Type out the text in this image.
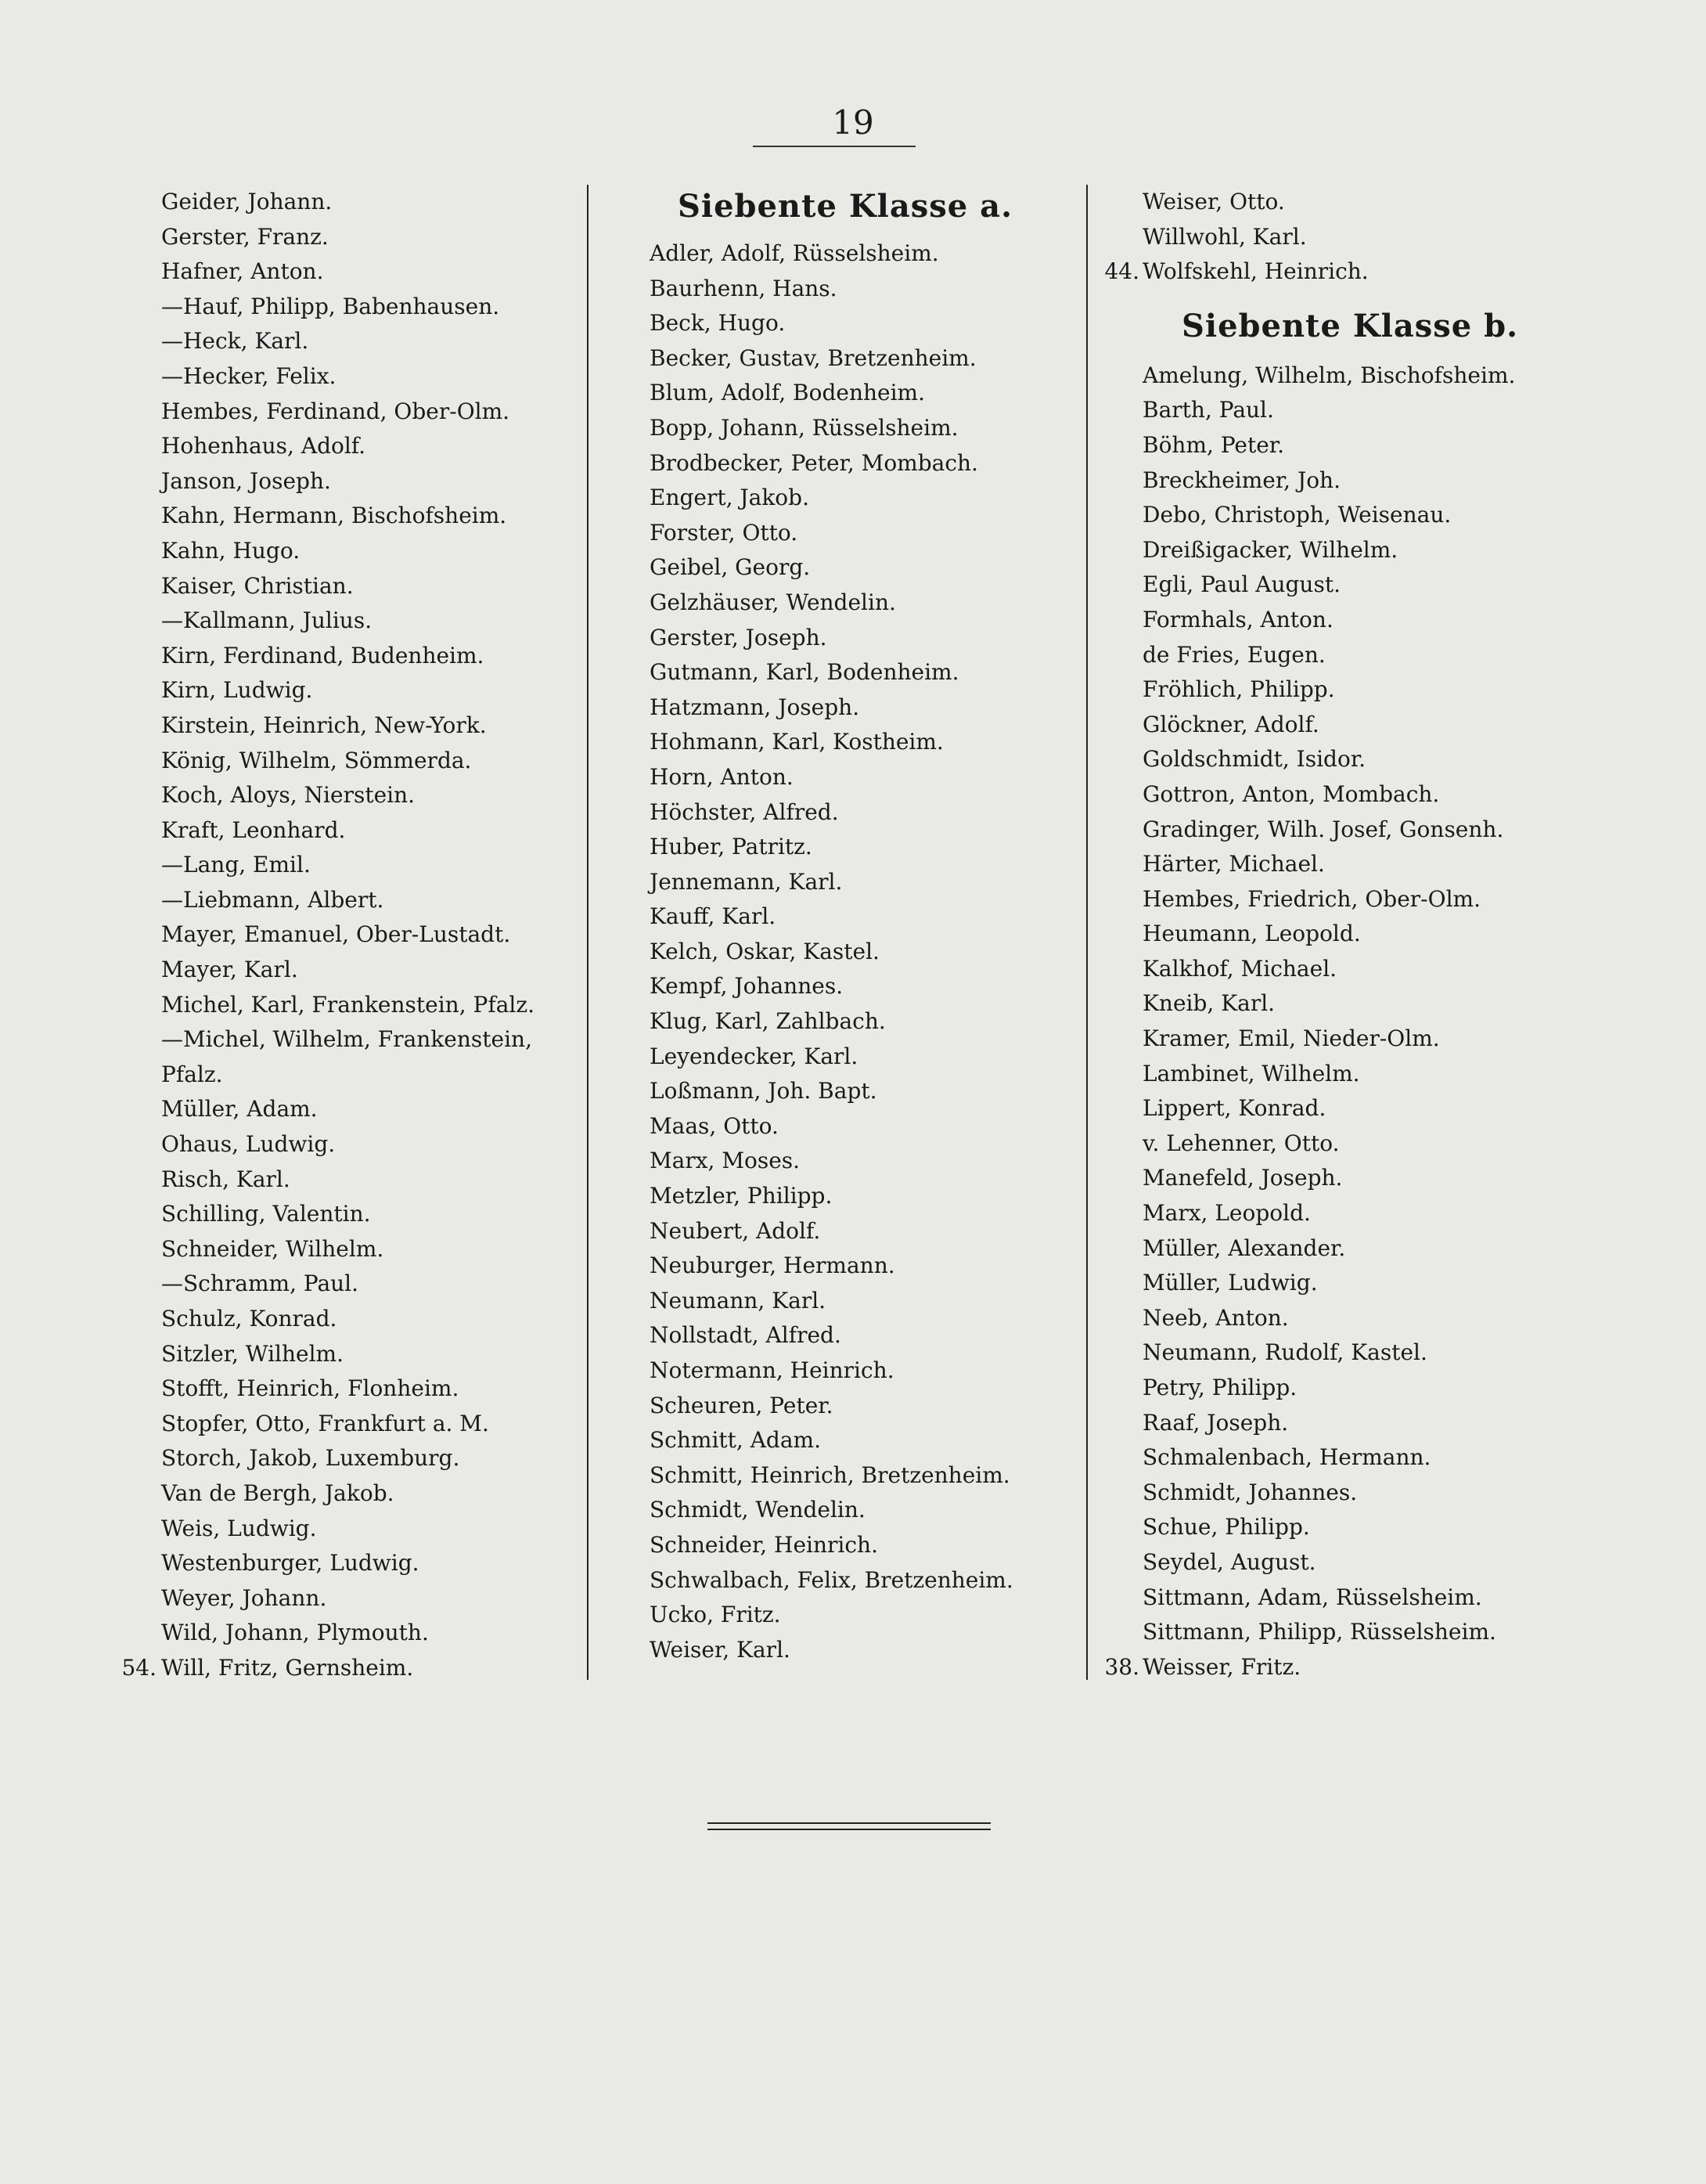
19
Geider, Johann.
Gerster, Franz.
Hafner, Anton.
—Hauf, Philipp, Babenhausen.
—Heck, Karl.
—Hecker, Felix.
Hembes, Ferdinand, Ober-Olm.
Hohenhaus, Adolf.
Janson, Joseph.
Kahn, Hermann, Bischofsheim.
Kahn, Hugo.
Kaiser, Christian.
—Kallmann, Julius.
Kirn, Ferdinand, Budenheim.
Kirn, Ludwig.
Kirstein, Heinrich, New-York.
König, Wilhelm, Sömmerda.
Koch, Aloys, Nierstein.
Kraft, Leonhard.
—Lang, Emil.
—Liebmann, Albert.
Mayer, Emanuel, Ober-Lustadt.
Mayer, Karl.
Michel, Karl, Frankenstein, Pfalz.
—Michel, Wilhelm, Frankenstein,
Pfalz.
Müller, Adam.
Ohaus, Ludwig.
Risch, Karl.
Schilling, Valentin.
Schneider, Wilhelm.
—Schramm, Paul.
Schulz, Konrad.
Sitzler, Wilhelm.
Stofft, Heinrich, Flonheim.
Stopfer, Otto, Frankfurt a. M.
Storch, Jakob, Luxemburg.
Van de Bergh, Jakob.
Weis, Ludwig.
Westenburger, Ludwig.
Weyer, Johann.
Wild, Johann, Plymouth.
54. Will, Fritz, Gernsheim.
Siebente Klasse a.
Adler, Adolf, Rüsselsheim.
Baurhenn, Hans.
Beck, Hugo.
Becker, Gustav, Bretzenheim.
Blum, Adolf, Bodenheim.
Bopp, Johann, Rüsselsheim.
Brodbecker, Peter, Mombach.
Engert, Jakob.
Forster, Otto.
Geibel, Georg.
Gelzhäuser, Wendelin.
Gerster, Joseph.
Gutmann, Karl, Bodenheim.
Hatzmann, Joseph.
Hohmann, Karl, Kostheim.
Horn, Anton.
Höchster, Alfred.
Huber, Patritz.
Jennemann, Karl.
Kauff, Karl.
Kelch, Oskar, Kastel.
Kempf, Johannes.
Klug, Karl, Zahlbach.
Leyendecker, Karl.
Loßmann, Joh. Bapt.
Maas, Otto.
Marx, Moses.
Metzler, Philipp.
Neubert, Adolf.
Neuburger, Hermann.
Neumann, Karl.
Nollstadt, Alfred.
Notermann, Heinrich.
Scheuren, Peter.
Schmitt, Adam.
Schmitt, Heinrich, Bretzenheim.
Schmidt, Wendelin.
Schneider, Heinrich.
Schwalbach, Felix, Bretzenheim.
Ucko, Fritz.
Weiser, Karl.
Weiser, Otto.
Willwohl, Karl.
44. Wolfskehl, Heinrich.
Siebente Klasse b.
Amelung, Wilhelm, Bischofsheim.
Barth, Paul.
Böhm, Peter.
Breckheimer, Joh.
Debo, Christoph, Weisenau.
Dreißigacker, Wilhelm.
Egli, Paul August.
Formhals, Anton.
de Fries, Eugen.
Fröhlich, Philipp.
Glöckner, Adolf.
Goldschmidt, Isidor.
Gottron, Anton, Mombach.
Gradinger, Wilh. Josef, Gonsenh.
Härter, Michael.
Hembes, Friedrich, Ober-Olm.
Heumann, Leopold.
Kalkhof, Michael.
Kneib, Karl.
Kramer, Emil, Nieder-Olm.
Lambinet, Wilhelm.
Lippert, Konrad.
v. Lehenner, Otto.
Manefeld, Joseph.
Marx, Leopold.
Müller, Alexander.
Müller, Ludwig.
Neeb, Anton.
Neumann, Rudolf, Kastel.
Petry, Philipp.
Raaf, Joseph.
Schmalenbach, Hermann.
Schmidt, Johannes.
Schue, Philipp.
Seydel, August.
Sittmann, Adam, Rüsselsheim.
Sittmann, Philipp, Rüsselsheim.
38. Weisser, Fritz.
